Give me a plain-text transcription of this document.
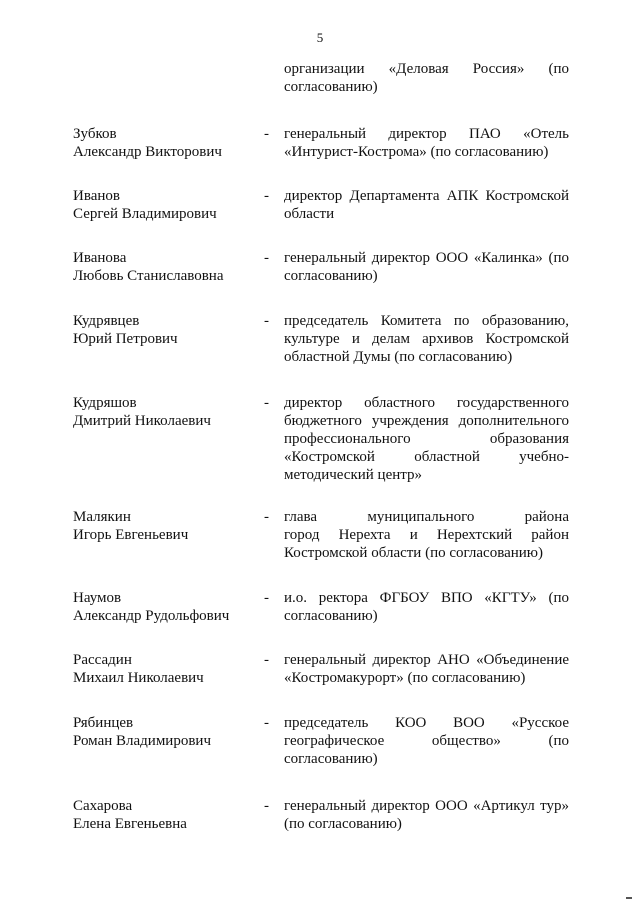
5
организации «Деловая Россия» (по
согласованию)
Зубков
Александр Викторович
- генеральный директор ПАО «Отель
«Интурист-Кострома» (по согласованию)
Иванов
Сергей Владимирович
- директор Департамента АПК Костромской
области
Иванова
Любовь Станиславовна
- генеральный директор ООО «Калинка» (по
согласованию)
Кудрявцев
Юрий Петрович
- председатель Комитета по образованию,
культуре и делам архивов Костромской
областной Думы (по согласованию)
Кудряшов
Дмитрий Николаевич
- директор областного государственного
бюджетного учреждения дополнительного
профессионального образования
«Костромской областной учебно-
методический центр»
Малякин
Игорь Евгеньевич
- глава муниципального района
город Нерехта и Нерехтский район
Костромской области (по согласованию)
Наумов
Александр Рудольфович
- и.о. ректора ФГБОУ ВПО «КГТУ» (по
согласованию)
Рассадин
Михаил Николаевич
- генеральный директор АНО «Объединение
«Костромакурорт» (по согласованию)
Рябинцев
Роман Владимирович
- председатель КОО ВОО «Русское
географическое общество» (по
согласованию)
Сахарова
Елена Евгеньевна
- генеральный директор ООО «Артикул тур»
(по согласованию)
